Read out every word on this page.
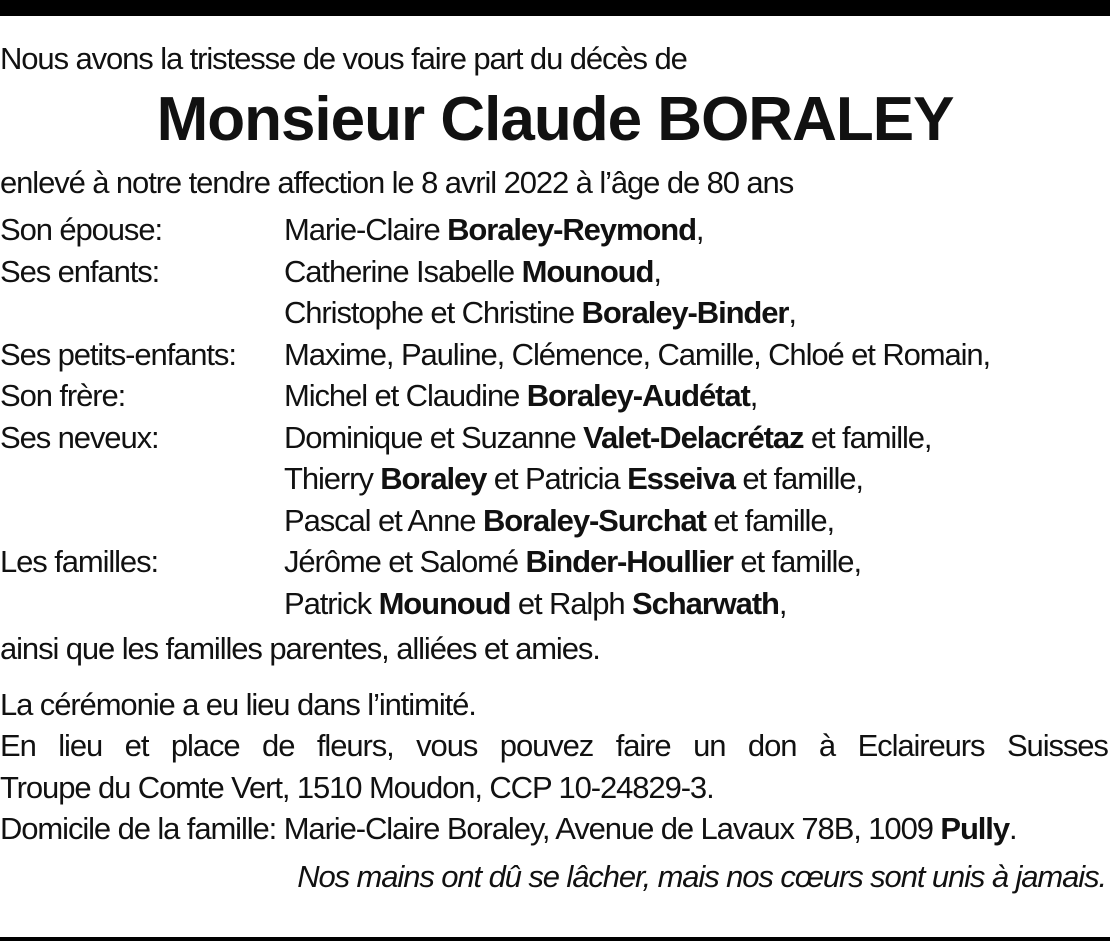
Nous avons la tristesse de vous faire part du décès de

Monsieur Claude BORALEY

enlevé à notre tendre affection le 8 avril 2022 à l’âge de 80 ans

Son épouse:	Marie-Claire Boraley-Reymond,
Ses enfants:	Catherine Isabelle Mounoud,
Christophe et Christine Boraley-Binder,
Ses petits-enfants:	Maxime, Pauline, Clémence, Camille, Chloé et Romain,
Son frère:	Michel et Claudine Boraley-Audétat,
Ses neveux:	Dominique et Suzanne Valet-Delacrétaz et famille,
Thierry Boraley et Patricia Esseiva et famille,
Pascal et Anne Boraley-Surchat et famille,
Les familles:	Jérôme et Salomé Binder-Houllier et famille,
Patrick Mounoud et Ralph Scharwath,

ainsi que les familles parentes, alliées et amies.

La cérémonie a eu lieu dans l’intimité.
En lieu et place de fleurs, vous pouvez faire un don à Eclaireurs Suisses
Troupe du Comte Vert, 1510 Moudon, CCP 10-24829-3.
Domicile de la famille: Marie-Claire Boraley, Avenue de Lavaux 78B, 1009 Pully.
Nos mains ont dû se lâcher, mais nos cœurs sont unis à jamais.
